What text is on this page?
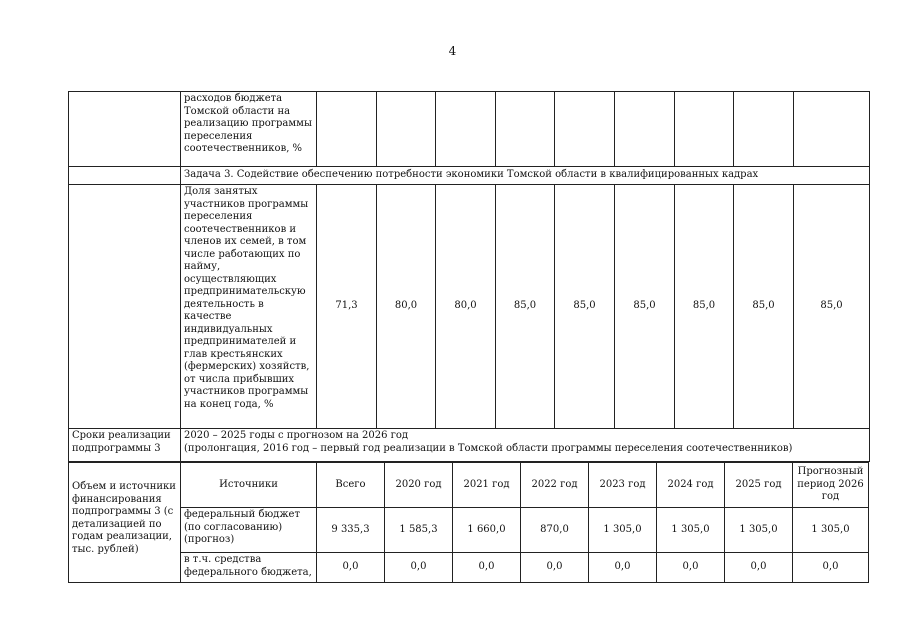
4
	расходов бюджета Томской области на реализацию программы переселения соотечественников, %									
	Задача 3. Содействие обеспечению потребности экономики Томской области в квалифицированных кадрах									
	Доля занятых участников программы переселения соотечественников и членов их семей, в том числе работающих по найму, осуществляющих предпринимательскую деятельность в качестве индивидуальных предпринимателей и глав крестьянских (фермерских) хозяйств, от числа прибывших участников программы на конец года, %	71,3	80,0	80,0	85,0	85,0	85,0	85,0	85,0	85,0
Сроки реализации подпрограммы 3	2020 – 2025 годы с прогнозом на 2026 год
(пролонгация, 2016 год – первый год реализации в Томской области программы переселения соотечественников)									
Объем и источники финансирования подпрограммы 3 (с детализацией по годам реализации, тыс. рублей)	Источники	Всего	2020 год	2021 год	2022 год	2023 год	2024 год	2025 год	Прогнозный период 2026 год
	федеральный бюджет (по согласованию) (прогноз)	9 335,3	1 585,3	1 660,0	870,0	1 305,0	1 305,0	1 305,0	1 305,0
	в т.ч. средства федерального бюджета,	0,0	0,0	0,0	0,0	0,0	0,0	0,0	0,0
